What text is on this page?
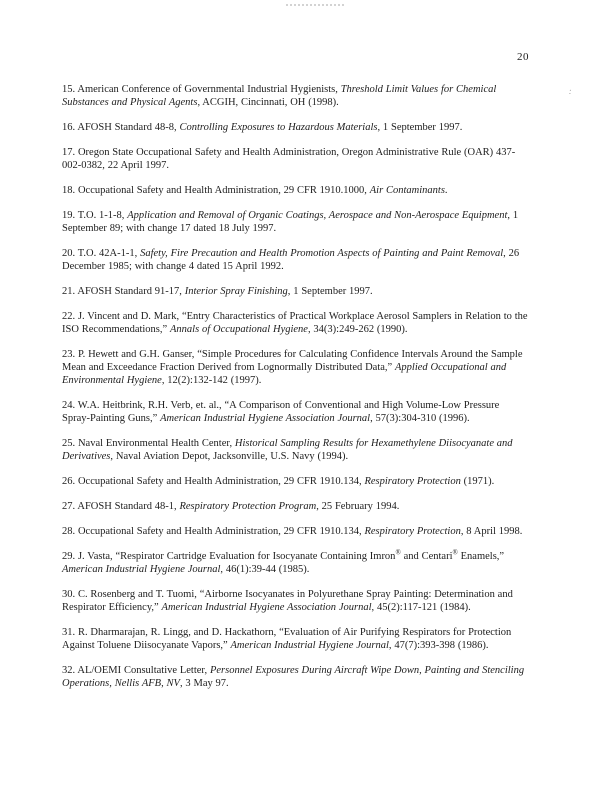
:
20

15. American Conference of Governmental Industrial Hygienists, Threshold Limit Values for Chemical Substances and Physical Agents, ACGIH, Cincinnati, OH (1998).

16. AFOSH Standard 48-8, Controlling Exposures to Hazardous Materials, 1 September 1997.

17. Oregon State Occupational Safety and Health Administration, Oregon Administrative Rule (OAR) 437-002-0382, 22 April 1997.

18. Occupational Safety and Health Administration, 29 CFR 1910.1000, Air Contaminants.

19. T.O. 1-1-8, Application and Removal of Organic Coatings, Aerospace and Non-Aerospace Equipment, 1 September 89; with change 17 dated 18 July 1997.

20. T.O. 42A-1-1, Safety, Fire Precaution and Health Promotion Aspects of Painting and Paint Removal, 26 December 1985; with change 4 dated 15 April 1992.

21. AFOSH Standard 91-17, Interior Spray Finishing, 1 September 1997.

22. J. Vincent and D. Mark, “Entry Characteristics of Practical Workplace Aerosol Samplers in Relation to the ISO Recommendations,” Annals of Occupational Hygiene, 34(3):249-262 (1990).

23. P. Hewett and G.H. Ganser, “Simple Procedures for Calculating Confidence Intervals Around the Sample Mean and Exceedance Fraction Derived from Lognormally Distributed Data,” Applied Occupational and Environmental Hygiene, 12(2):132-142 (1997).

24. W.A. Heitbrink, R.H. Verb, et. al., “A Comparison of Conventional and High Volume-Low Pressure Spray-Painting Guns,” American Industrial Hygiene Association Journal, 57(3):304-310 (1996).

25. Naval Environmental Health Center, Historical Sampling Results for Hexamethylene Diisocyanate and Derivatives, Naval Aviation Depot, Jacksonville, U.S. Navy (1994).

26. Occupational Safety and Health Administration, 29 CFR 1910.134, Respiratory Protection (1971).

27. AFOSH Standard 48-1, Respiratory Protection Program, 25 February 1994.

28. Occupational Safety and Health Administration, 29 CFR 1910.134, Respiratory Protection, 8 April 1998.

29. J. Vasta, “Respirator Cartridge Evaluation for Isocyanate Containing Imron® and Centari® Enamels,” American Industrial Hygiene Journal, 46(1):39-44 (1985).

30. C. Rosenberg and T. Tuomi, “Airborne Isocyanates in Polyurethane Spray Painting: Determination and Respirator Efficiency,” American Industrial Hygiene Association Journal, 45(2):117-121 (1984).

31. R. Dharmarajan, R. Lingg, and D. Hackathorn, “Evaluation of Air Purifying Respirators for Protection Against Toluene Diisocyanate Vapors,” American Industrial Hygiene Journal, 47(7):393-398 (1986).

32. AL/OEMI Consultative Letter, Personnel Exposures During Aircraft Wipe Down, Painting and Stenciling Operations, Nellis AFB, NV, 3 May 97.
